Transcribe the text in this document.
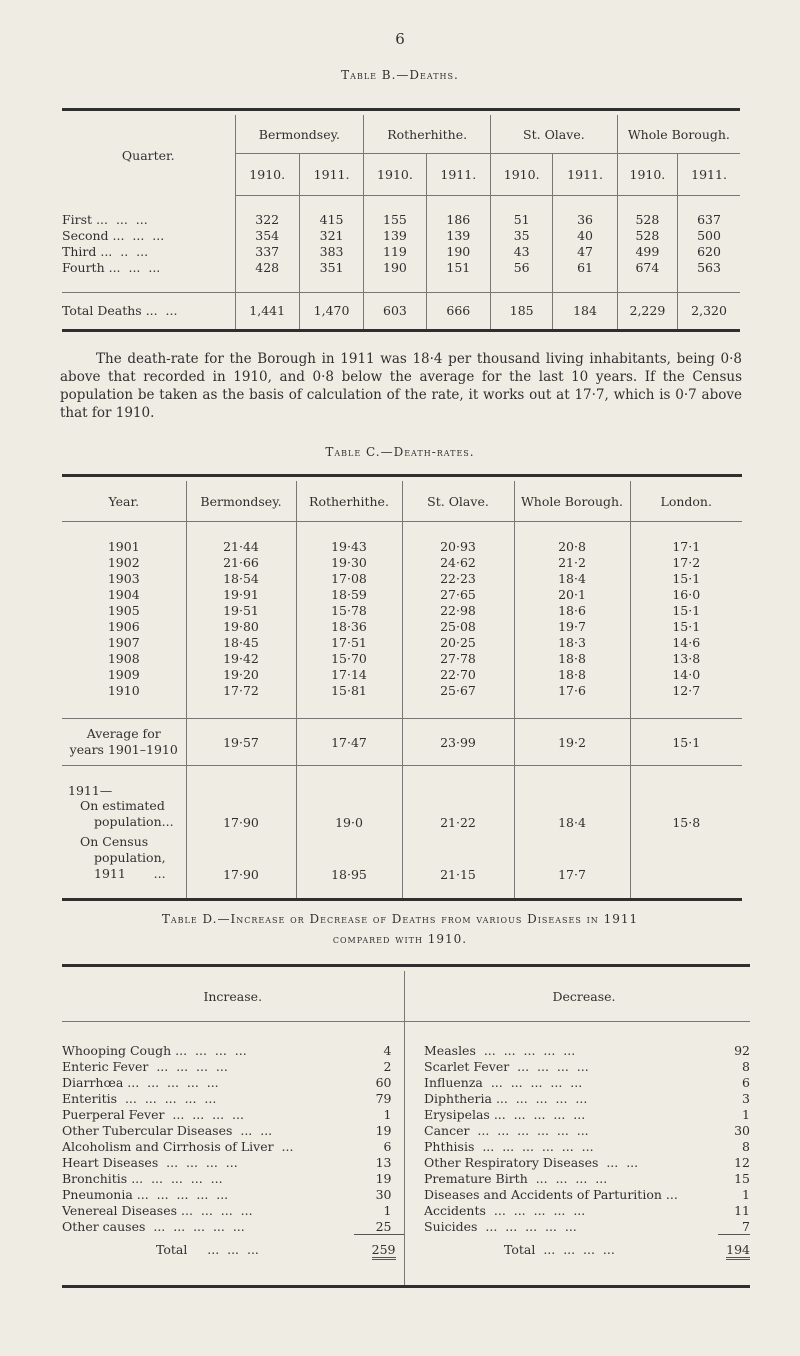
6
Table B.—Deaths.

Quarter.	Bermondsey.		Rotherhithe.		St. Olave.		Whole Borough.	
	1910.	1911.	1910.	1911.	1910.	1911.	1910.	1911.

First ...  ...  ...	322	415	155	186	51	36	528	637
Second ...  ...  ...	354	321	139	139	35	40	528	500
Third ...  ..  ...	337	383	119	190	43	47	499	620
Fourth ...  ...  ...	428	351	190	151	56	61	674	563

Total Deaths ...  ...	1,441	1,470	603	666	185	184	2,229	2,320

The death-rate for the Borough in 1911 was 18·4 per thousand living inhabitants, being 0·8 above that recorded in 1910, and 0·8 below the average for the last 10 years. If the Census population be taken as the basis of calculation of the rate, it works out at 17·7, which is 0·7 above that for 1910.
Table C.—Death-rates.

Year.	Bermondsey.	Rotherhithe.	St. Olave.	Whole Borough.	London.

1901	21·44	19·43	20·93	20·8	17·1
1902	21·66	19·30	24·62	21·2	17·2
1903	18·54	17·08	22·23	18·4	15·1
1904	19·91	18·59	27·65	20·1	16·0
1905	19·51	15·78	22·98	18·6	15·1
1906	19·80	18·36	25·08	19·7	15·1
1907	18·45	17·51	20·25	18·3	14·6
1908	19·42	15·70	27·78	18·8	13·8
1909	19·20	17·14	22·70	18·8	14·0
1910	17·72	15·81	25·67	17·6	12·7

Average for
years 1901–1910	19·57	17·47	23·99	19·2	15·1

1911—					

On estimated
population...	17·90	19·0	21·22	18·4	15·8

On Census
population,
1911       ...	17·90	18·95	21·15	17·7	

Table D.—Increase or Decrease of Deaths from various Diseases in 1911
compared with 1910.

Increase.			Decrease.	

Whooping Cough ...  ...  ...  ...	4		Measles  ...  ...  ...  ...  ...	92
Enteric Fever  ...  ...  ...  ...	2		Scarlet Fever  ...  ...  ...  ...	8
Diarrhœa ...  ...  ...  ...  ...	60		Influenza  ...  ...  ...  ...  ...	6
Enteritis  ...  ...  ...  ...  ...	79		Diphtheria ...  ...  ...  ...  ...	3
Puerperal Fever  ...  ...  ...  ...	1		Erysipelas ...  ...  ...  ...  ...	1
Other Tubercular Diseases  ...  ...	19		Cancer  ...  ...  ...  ...  ...  ...	30
Alcoholism and Cirrhosis of Liver  ...	6		Phthisis  ...  ...  ...  ...  ...  ...	8
Heart Diseases  ...  ...  ...  ...	13		Other Respiratory Diseases  ...  ...	12
Bronchitis ...  ...  ...  ...  ...	19		Premature Birth  ...  ...  ...  ...	15
Pneumonia ...  ...  ...  ...  ...	30		Diseases and Accidents of Parturition ...	1
Venereal Diseases ...  ...  ...  ...	1		Accidents  ...  ...  ...  ...  ...	11
Other causes  ...  ...  ...  ...  ...	25		Suicides  ...  ...  ...  ...  ...	7
Total     ...  ...  ...	259		Total  ...  ...  ...  ...	194
